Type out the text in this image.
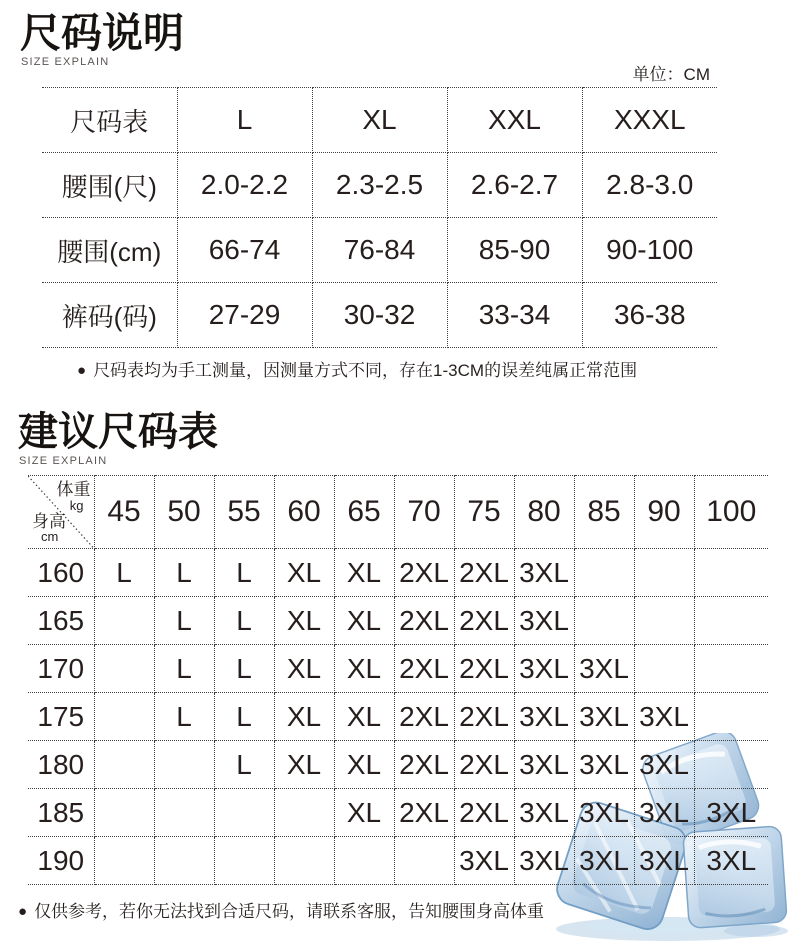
尺码说明
SIZE EXPLAIN
单位：CM
尺码表	L	XL	XXL	XXXL
腰围(尺)	2.0-2.2	2.3-2.5	2.6-2.7	2.8-3.0
腰围(cm)	66-74	76-84	85-90	90-100
裤码(码)	27-29	30-32	33-34	36-38
● 尺码表均为手工测量，因测量方式不同，存在1-3CM的误差纯属正常范围
建议尺码表
SIZE EXPLAIN
体重
kg
身高
cm	45	50	55	60	65	70	75	80	85	90	100
160	L	L	L	XL	XL	2XL	2XL	3XL			
165		L	L	XL	XL	2XL	2XL	3XL			
170		L	L	XL	XL	2XL	2XL	3XL	3XL		
175		L	L	XL	XL	2XL	2XL	3XL	3XL	3XL	
180			L	XL	XL	2XL	2XL	3XL	3XL	3XL	
185					XL	2XL	2XL	3XL	3XL	3XL	3XL
190							3XL	3XL	3XL	3XL	3XL
● 仅供参考，若你无法找到合适尺码，请联系客服，告知腰围身高体重
